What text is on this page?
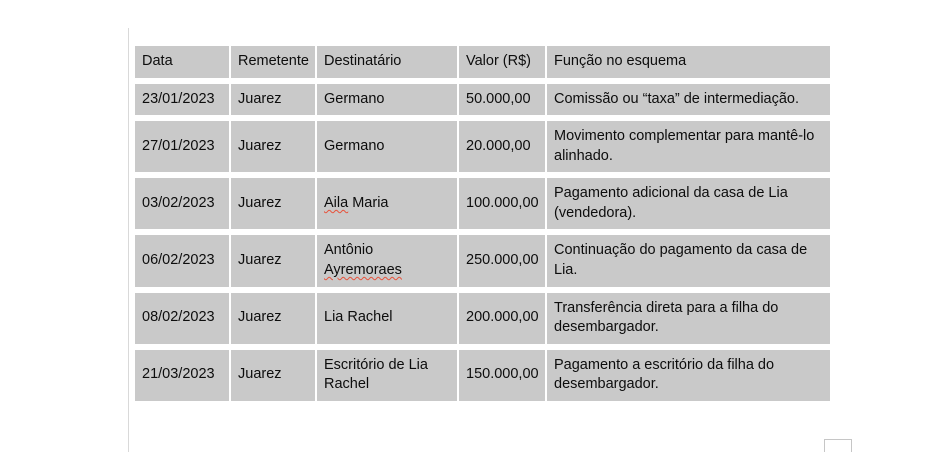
Data	Remetente	Destinatário	Valor (R$)	Função no esquema
23/01/2023	Juarez	Germano	50.000,00	Comissão ou “taxa” de intermediação.
27/01/2023	Juarez	Germano	20.000,00	Movimento complementar para mantê-lo alinhado.
03/02/2023	Juarez	Aila Maria	100.000,00	Pagamento adicional da casa de Lia (vendedora).
06/02/2023	Juarez	Antônio Ayremoraes	250.000,00	Continuação do pagamento da casa de Lia.
08/02/2023	Juarez	Lia Rachel	200.000,00	Transferência direta para a filha do desembargador.
21/03/2023	Juarez	Escritório de Lia Rachel	150.000,00	Pagamento a escritório da filha do desembargador.
